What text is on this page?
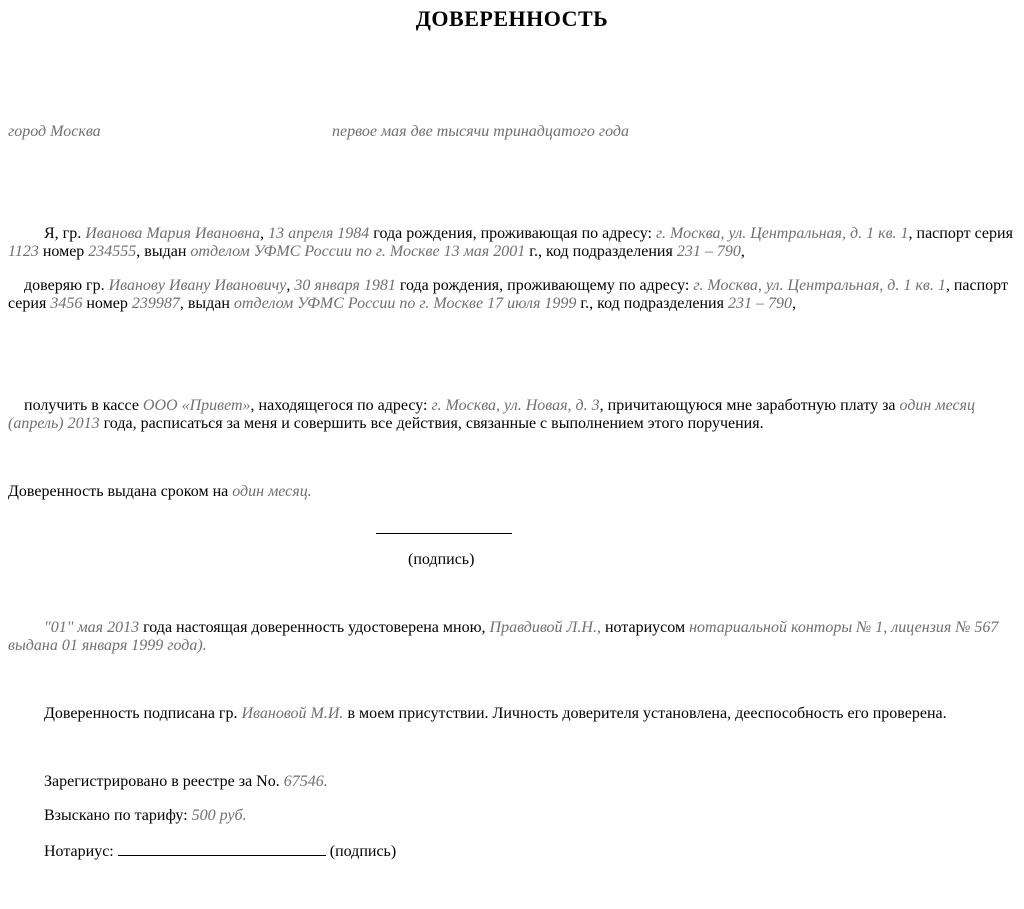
ДОВЕРЕННОСТЬ
город Москва	первое мая две тысячи тринадцатого года

Я, гр. Иванова Мария Ивановна, 13 апреля 1984 года рождения, проживающая по адресу: г. Москва, ул. Центральная, д. 1 кв. 1, паспорт серия 1123 номер 234555, выдан отделом УФМС России по г. Москве 13 мая 2001 г., код подразделения 231 – 790,

доверяю гр. Иванову Ивану Ивановичу, 30 января 1981 года рождения, проживающему по адресу: г. Москва, ул. Центральная, д. 1 кв. 1, паспорт серия 3456 номер 239987, выдан отделом УФМС России по г. Москве 17 июля 1999 г., код подразделения 231 – 790,

получить в кассе ООО «Привет», находящегося по адресу: г. Москва, ул. Новая, д. 3, причитающуюся мне заработную плату за один месяц (апрель) 2013 года, расписаться за меня и совершить все действия, связанные с выполнением этого поручения.

Доверенность выдана сроком на один месяц.

(подпись)

"01" мая 2013 года настоящая доверенность удостоверена мною, Правдивой Л.Н., нотариусом нотариальной конторы № 1, лицензия № 567 выдана 01 января 1999 года).

Доверенность подписана гр. Ивановой М.И. в моем присутствии. Личность доверителя установлена, дееспособность его проверена.

Зарегистрировано в реестре за No. 67546.

Взыскано по тарифу: 500 руб.

Нотариус:	(подпись)
